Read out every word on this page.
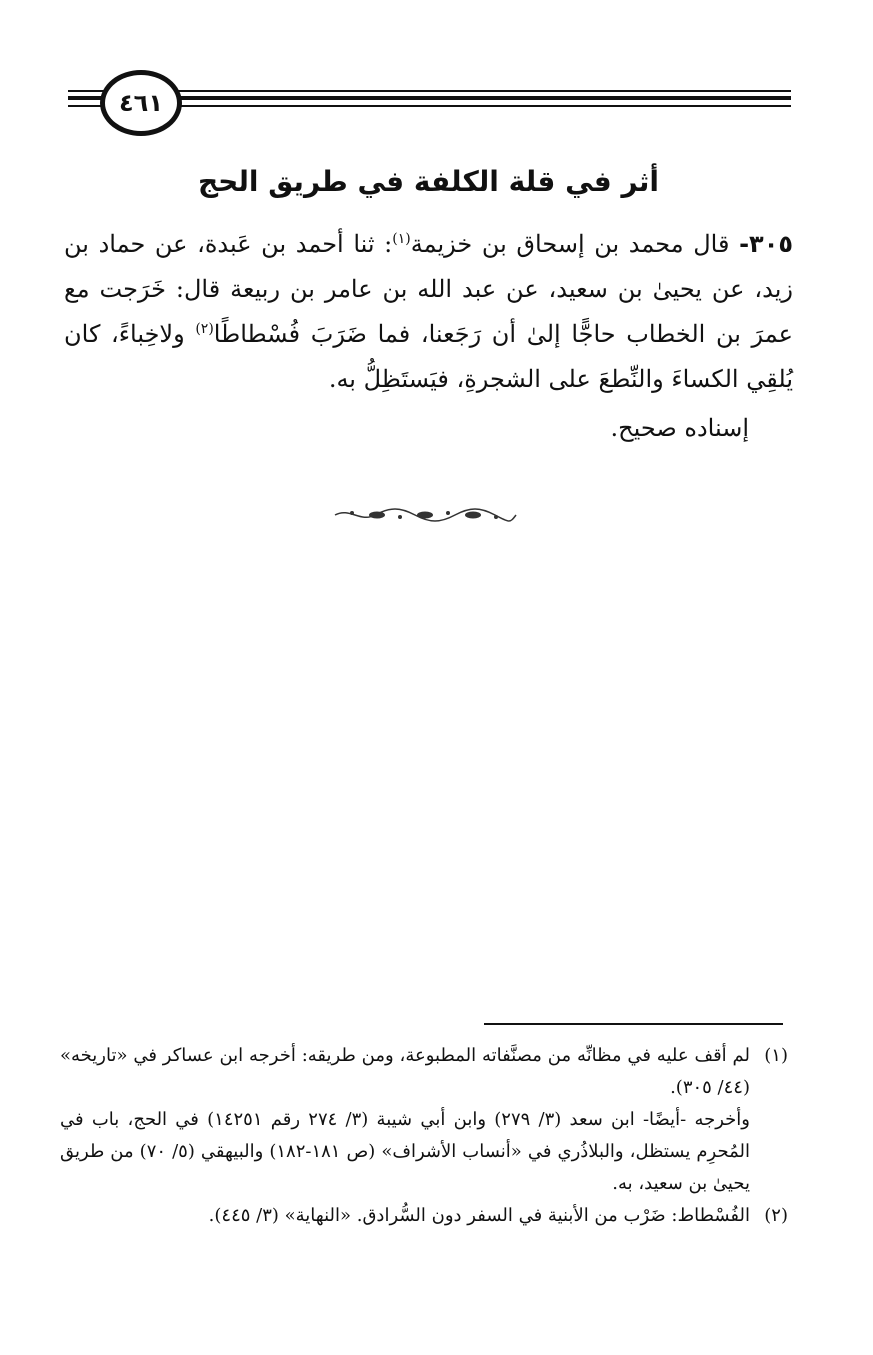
٤٦١
أثر في قلة الكلفة في طريق الحج

٣٠٥- قال محمد بن إسحاق بن خزيمة$^{(١)}$: ثنا أحمد بن عَبدة، عن حماد بن زيد، عن يحيىٰ بن سعيد، عن عبد الله بن عامر بن ربيعة قال: خَرَجت مع عمرَ بن الخطاب حاجًّا إلىٰ أن رَجَعنا، فما ضَرَبَ فُسْطاطًا$^{(٢)}$ ولاخِباءً، كان يُلقِي الكساءَ والنِّطعَ على الشجرةِ، فيَستَظِلُّ به.

إسناده صحيح.

(١)
لم أقف عليه في مظانِّه من مصنَّفاته المطبوعة، ومن طريقه: أخرجه ابن عساكر في «تاريخه» (٤٤/ ٣٠٥).

وأخرجه -أيضًا- ابن سعد (٣/ ٢٧٩) وابن أبي شيبة (٣/ ٢٧٤ رقم ١٤٢٥١) في الحج، باب في المُحرِم يستظل، والبلاذُري في «أنساب الأشراف» (ص ١٨١-١٨٢) والبيهقي (٥/ ٧٠) من طريق يحيىٰ بن سعيد، به.

(٢)
الفُسْطاط: ضَرْب من الأبنية في السفر دون السُّرادق. «النهاية» (٣/ ٤٤٥).
